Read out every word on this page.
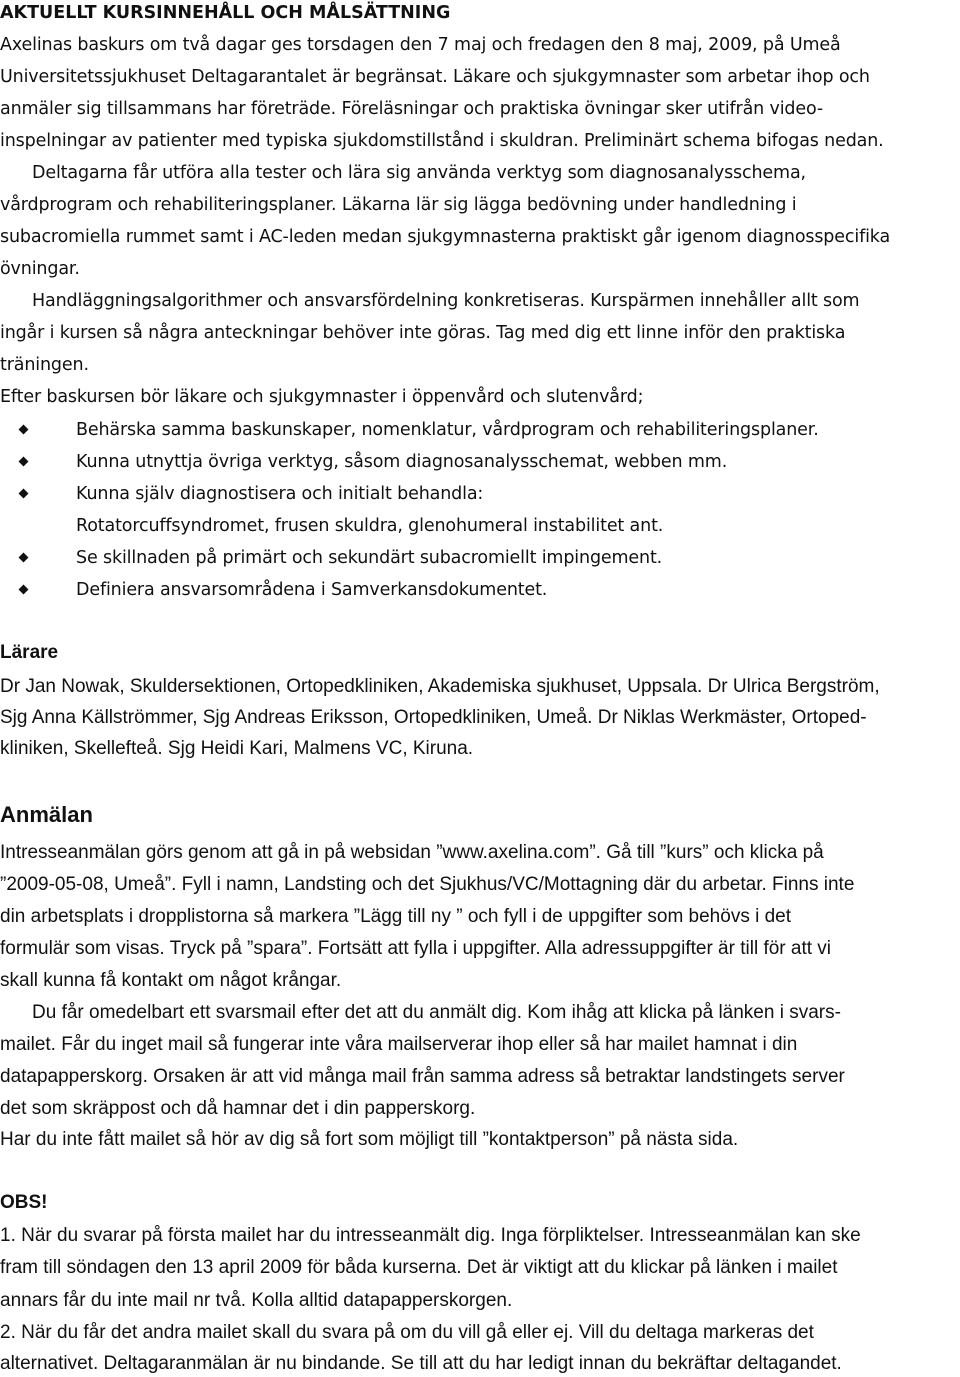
AKTUELLT KURSINNEHÅLL OCH MÅLSÄTTNING
Axelinas baskurs om två dagar ges torsdagen den 7 maj och fredagen den 8 maj, 2009, på Umeå
Universitetssjukhuset Deltagarantalet är begränsat. Läkare och sjukgymnaster som arbetar ihop och
anmäler sig tillsammans har företräde. Föreläsningar och praktiska övningar sker utifrån video-
inspelningar av patienter med typiska sjukdomstillstånd i skuldran. Preliminärt schema bifogas nedan.
Deltagarna får utföra alla tester och lära sig använda verktyg som diagnosanalysschema,
vårdprogram och rehabiliteringsplaner. Läkarna lär sig lägga bedövning under handledning i
subacromiella rummet samt i AC-leden medan sjukgymnasterna praktiskt går igenom diagnosspecifika
övningar.
Handläggningsalgorithmer och ansvarsfördelning konkretiseras. Kurspärmen innehåller allt som
ingår i kursen så några anteckningar behöver inte göras. Tag med dig ett linne inför den praktiska
träningen.
Efter baskursen bör läkare och sjukgymnaster i öppenvård och slutenvård;
Behärska samma baskunskaper, nomenklatur, vårdprogram och rehabiliteringsplaner.
Kunna utnyttja övriga verktyg, såsom diagnosanalysschemat, webben mm.
Kunna själv diagnostisera och initialt behandla:
Rotatorcuffsyndromet, frusen skuldra, glenohumeral instabilitet ant.
Se skillnaden på primärt och sekundärt subacromiellt impingement.
Definiera ansvarsområdena i Samverkansdokumentet.
Lärare
Dr Jan Nowak, Skuldersektionen, Ortopedkliniken, Akademiska sjukhuset, Uppsala. Dr Ulrica Bergström,
Sjg Anna Källströmmer, Sjg Andreas Eriksson, Ortopedkliniken, Umeå. Dr Niklas Werkmäster, Ortoped-
kliniken, Skellefteå. Sjg Heidi Kari, Malmens VC, Kiruna.
Anmälan
Intresseanmälan görs genom att gå in på websidan ”www.axelina.com”. Gå till ”kurs” och klicka på
”2009-05-08, Umeå”. Fyll i namn, Landsting och det Sjukhus/VC/Mottagning där du arbetar. Finns inte
din arbetsplats i dropplistorna så markera ”Lägg till ny ” och fyll i de uppgifter som behövs i det
formulär som visas. Tryck på ”spara”. Fortsätt att fylla i uppgifter. Alla adressuppgifter är till för att vi
skall kunna få kontakt om något krångar.
Du får omedelbart ett svarsmail efter det att du anmält dig. Kom ihåg att klicka på länken i svars-
mailet. Får du inget mail så fungerar inte våra mailserverar ihop eller så har mailet hamnat i din
datapapperskorg. Orsaken är att vid många mail från samma adress så betraktar landstingets server
det som skräppost och då hamnar det i din papperskorg.
Har du inte fått mailet så hör av dig så fort som möjligt till ”kontaktperson” på nästa sida.
OBS!
1. När du svarar på första mailet har du intresseanmält dig. Inga förpliktelser. Intresseanmälan kan ske
fram till söndagen den 13 april 2009 för båda kurserna. Det är viktigt att du klickar på länken i mailet
annars får du inte mail nr två. Kolla alltid datapapperskorgen.
2. När du får det andra mailet skall du svara på om du vill gå eller ej. Vill du deltaga markeras det
alternativet. Deltagaranmälan är nu bindande. Se till att du har ledigt innan du bekräftar deltagandet.
